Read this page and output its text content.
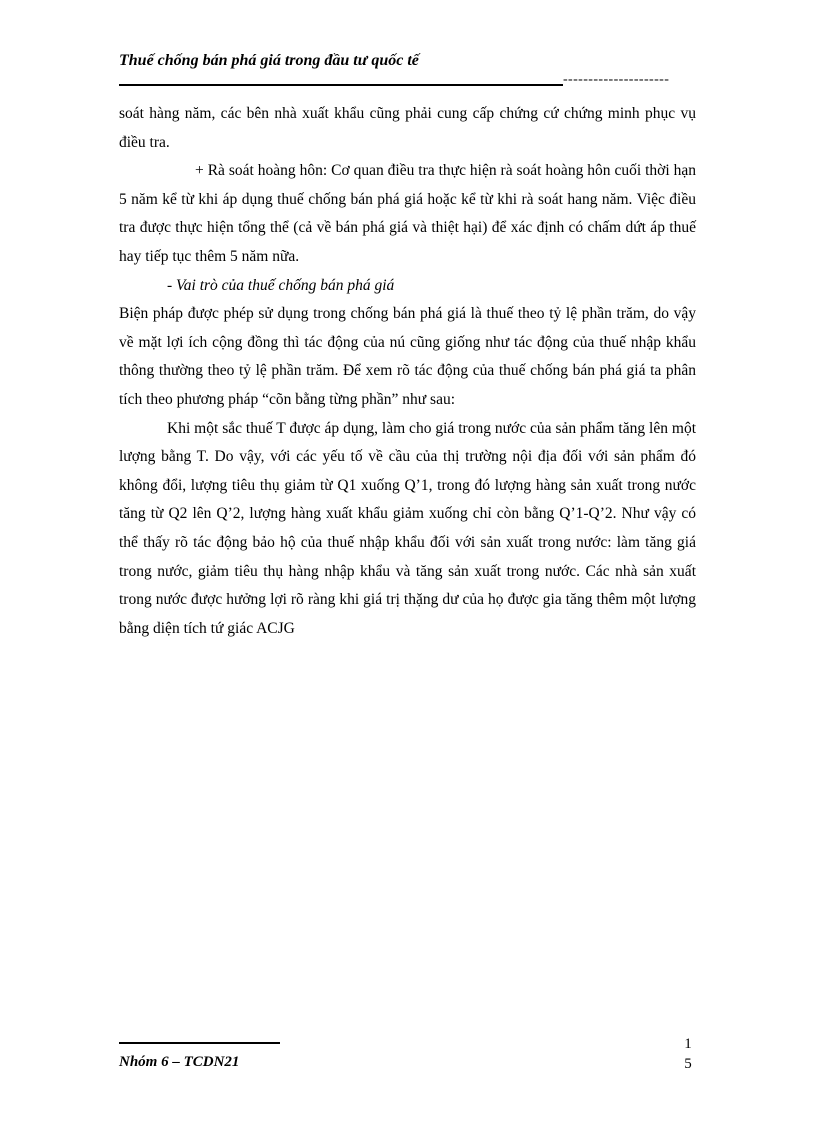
Thuế chống bán phá giá trong đầu tư quốc tế
---------------------

soát hàng năm, các bên nhà xuất khẩu cũng phải cung cấp chứng cứ chứng minh phục vụ điều tra.

+ Rà soát hoàng hôn: Cơ quan điều tra thực hiện rà soát hoàng hôn cuối thời hạn 5 năm kể từ khi áp dụng thuế chống bán phá giá hoặc kể từ khi rà soát hang năm. Việc điều tra được thực hiện tổng thể (cả về bán phá giá và thiệt hại) để xác định có chấm dứt áp thuế hay tiếp tục thêm 5 năm nữa.

- Vai trò của thuế chống bán phá giá

Biện pháp được phép sử dụng trong chống bán phá giá là thuế theo tỷ lệ phần trăm, do vậy về mặt lợi ích cộng đồng thì tác động của nú cũng giống như tác động của thuế nhập khẩu thông thường theo tỷ lệ phần trăm. Để xem rõ tác động của thuế chống bán phá giá ta phân tích theo phương pháp “cõn bằng từng phần” như sau:

Khi một sắc thuế T được áp dụng, làm cho giá trong nước của sản phẩm tăng lên một lượng bằng T. Do vậy, với các yếu tố về cầu của thị trường nội địa đối với sản phẩm đó không đổi, lượng tiêu thụ giảm từ Q1 xuống Q’1, trong đó lượng hàng sản xuất trong nước tăng từ Q2 lên Q’2, lượng hàng xuất khẩu giảm xuống chỉ còn bằng Q’1-Q’2. Như vậy có thể thấy rõ tác động bảo hộ của thuế nhập khẩu đối với sản xuất trong nước: làm tăng giá trong nước, giảm tiêu thụ hàng nhập khẩu và tăng sản xuất trong nước. Các nhà sản xuất trong nước được hưởng lợi rõ ràng khi giá trị thặng dư của họ được gia tăng thêm một lượng bằng diện tích tứ giác ACJG

Nhóm 6 – TCDN21
1
5
